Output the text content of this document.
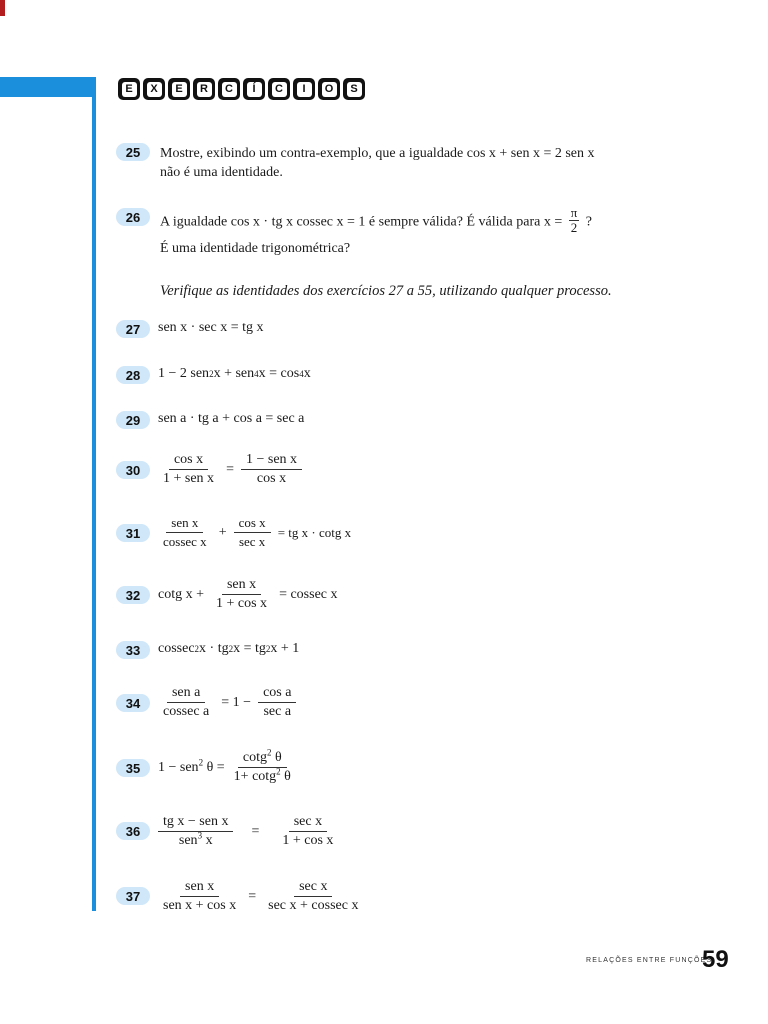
E	X	E	R	C	Í	C	I	O	S
25	Mostre, exibindo um contra-exemplo, que a igualdade cos x + sen x = 2 sen x
não é uma identidade.
26	A igualdade cos x · tg x cossec x = 1 é sempre válida? É válida para $x = \frac{\pi}{2}$ ?
É uma identidade trigonométrica?
Verifique as identidades dos exercícios 27 a 55, utilizando qualquer processo.
27	sen x · sec x = tg x
28	1 − 2 sen 2 x + sen 4 x = cos 4 x
29	sen a · tg a + cos a = sec a
30	$\frac{\text{cos x}}{\text{1 + sen x}} = \frac{\text{1 − sen x}}{\text{cos x}}$
31	$\frac{\text{sen x}}{\text{cossec x}} + \frac{\text{cos x}}{\text{sec x}}$ = tg x · cotg x
32	cotg $x + \frac{\text{sen x}}{\text{1 + cos x}} = cossec$ x
33	cossec 2 x · tg 2 x = tg 2 x + 1
34	$\frac{\text{sen a}}{\text{cossec a}} = 1 - \frac{\text{cos a}}{\text{sec a}}$
35	1 − sen$^2$ $\theta = \frac{\cot g^2 \theta}{1+ \cot g^2 \theta}$
36	$\frac{\text{tg x − sen x}}{sen^3 x} = \frac{\text{sec x}}{\text{1 + cos x}}$
37	$\frac{\text{sen x}}{\text{sen x + cos x}} = \frac{\text{sec x}}{\text{sec x + cossec x}}$
RELAÇÕES ENTRE FUNÇÕES
59
